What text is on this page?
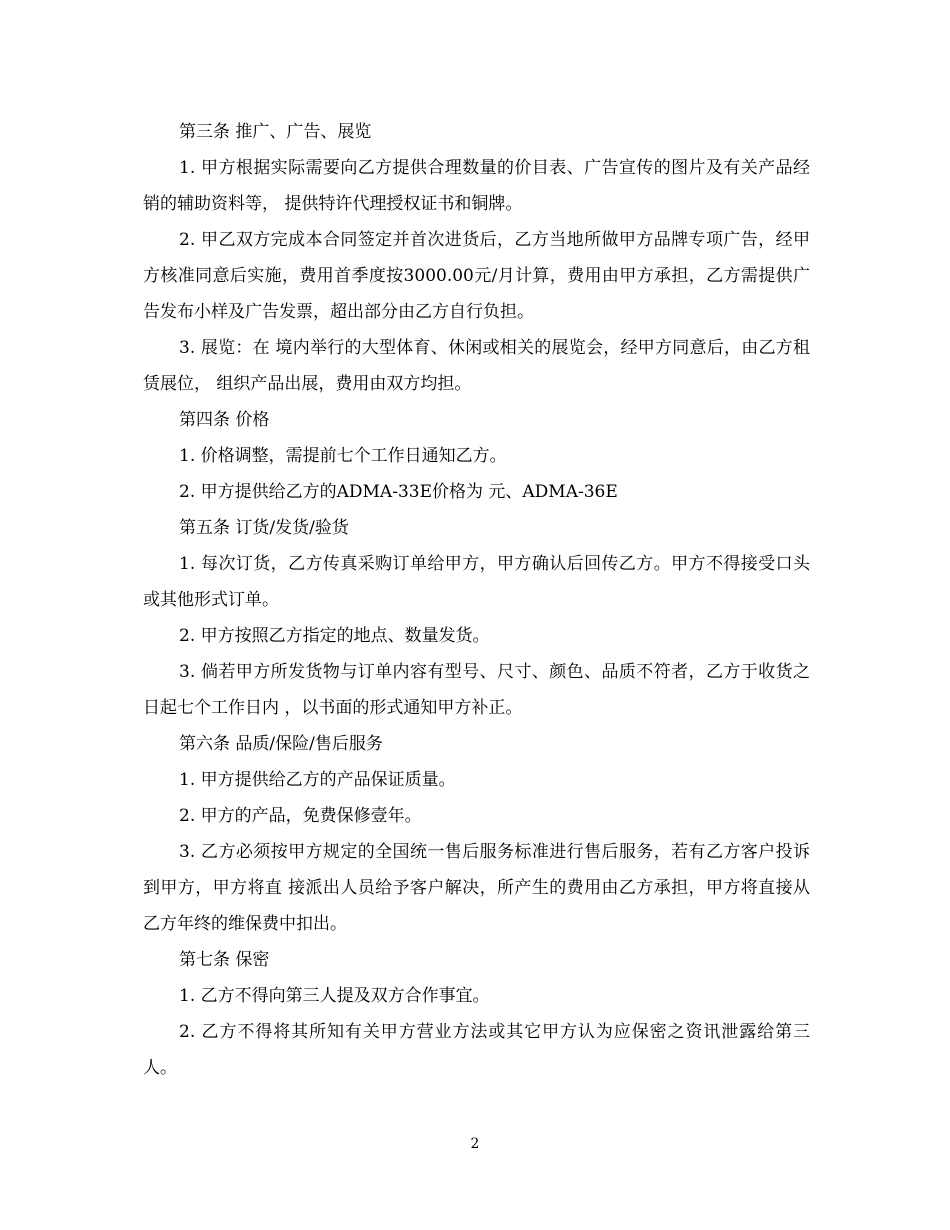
第三条 推广、广告、展览

1. 甲方根据实际需要向乙方提供合理数量的价目表、广告宣传的图片及有关产品经销的辅助资料等， 提供特许代理授权证书和铜牌。

2. 甲乙双方完成本合同签定并首次进货后，乙方当地所做甲方品牌专项广告，经甲方核准同意后实施，费用首季度按3000.00元/月计算，费用由甲方承担，乙方需提供广告发布小样及广告发票，超出部分由乙方自行负担。

3. 展览：在 境内举行的大型体育、休闲或相关的展览会，经甲方同意后，由乙方租赁展位， 组织产品出展，费用由双方均担。

第四条 价格

1. 价格调整，需提前七个工作日通知乙方。

2. 甲方提供给乙方的ADMA-33E价格为 元、ADMA-36E

第五条 订货/发货/验货

1. 每次订货，乙方传真采购订单给甲方，甲方确认后回传乙方。甲方不得接受口头或其他形式订单。

2. 甲方按照乙方指定的地点、数量发货。

3. 倘若甲方所发货物与订单内容有型号、尺寸、颜色、品质不符者，乙方于收货之日起七个工作日内 ，以书面的形式通知甲方补正。

第六条 品质/保险/售后服务

1. 甲方提供给乙方的产品保证质量。

2. 甲方的产品，免费保修壹年。

3. 乙方必须按甲方规定的全国统一售后服务标准进行售后服务，若有乙方客户投诉到甲方，甲方将直 接派出人员给予客户解决，所产生的费用由乙方承担，甲方将直接从乙方年终的维保费中扣出。

第七条 保密

1. 乙方不得向第三人提及双方合作事宜。

2. 乙方不得将其所知有关甲方营业方法或其它甲方认为应保密之资讯泄露给第三人。

2
